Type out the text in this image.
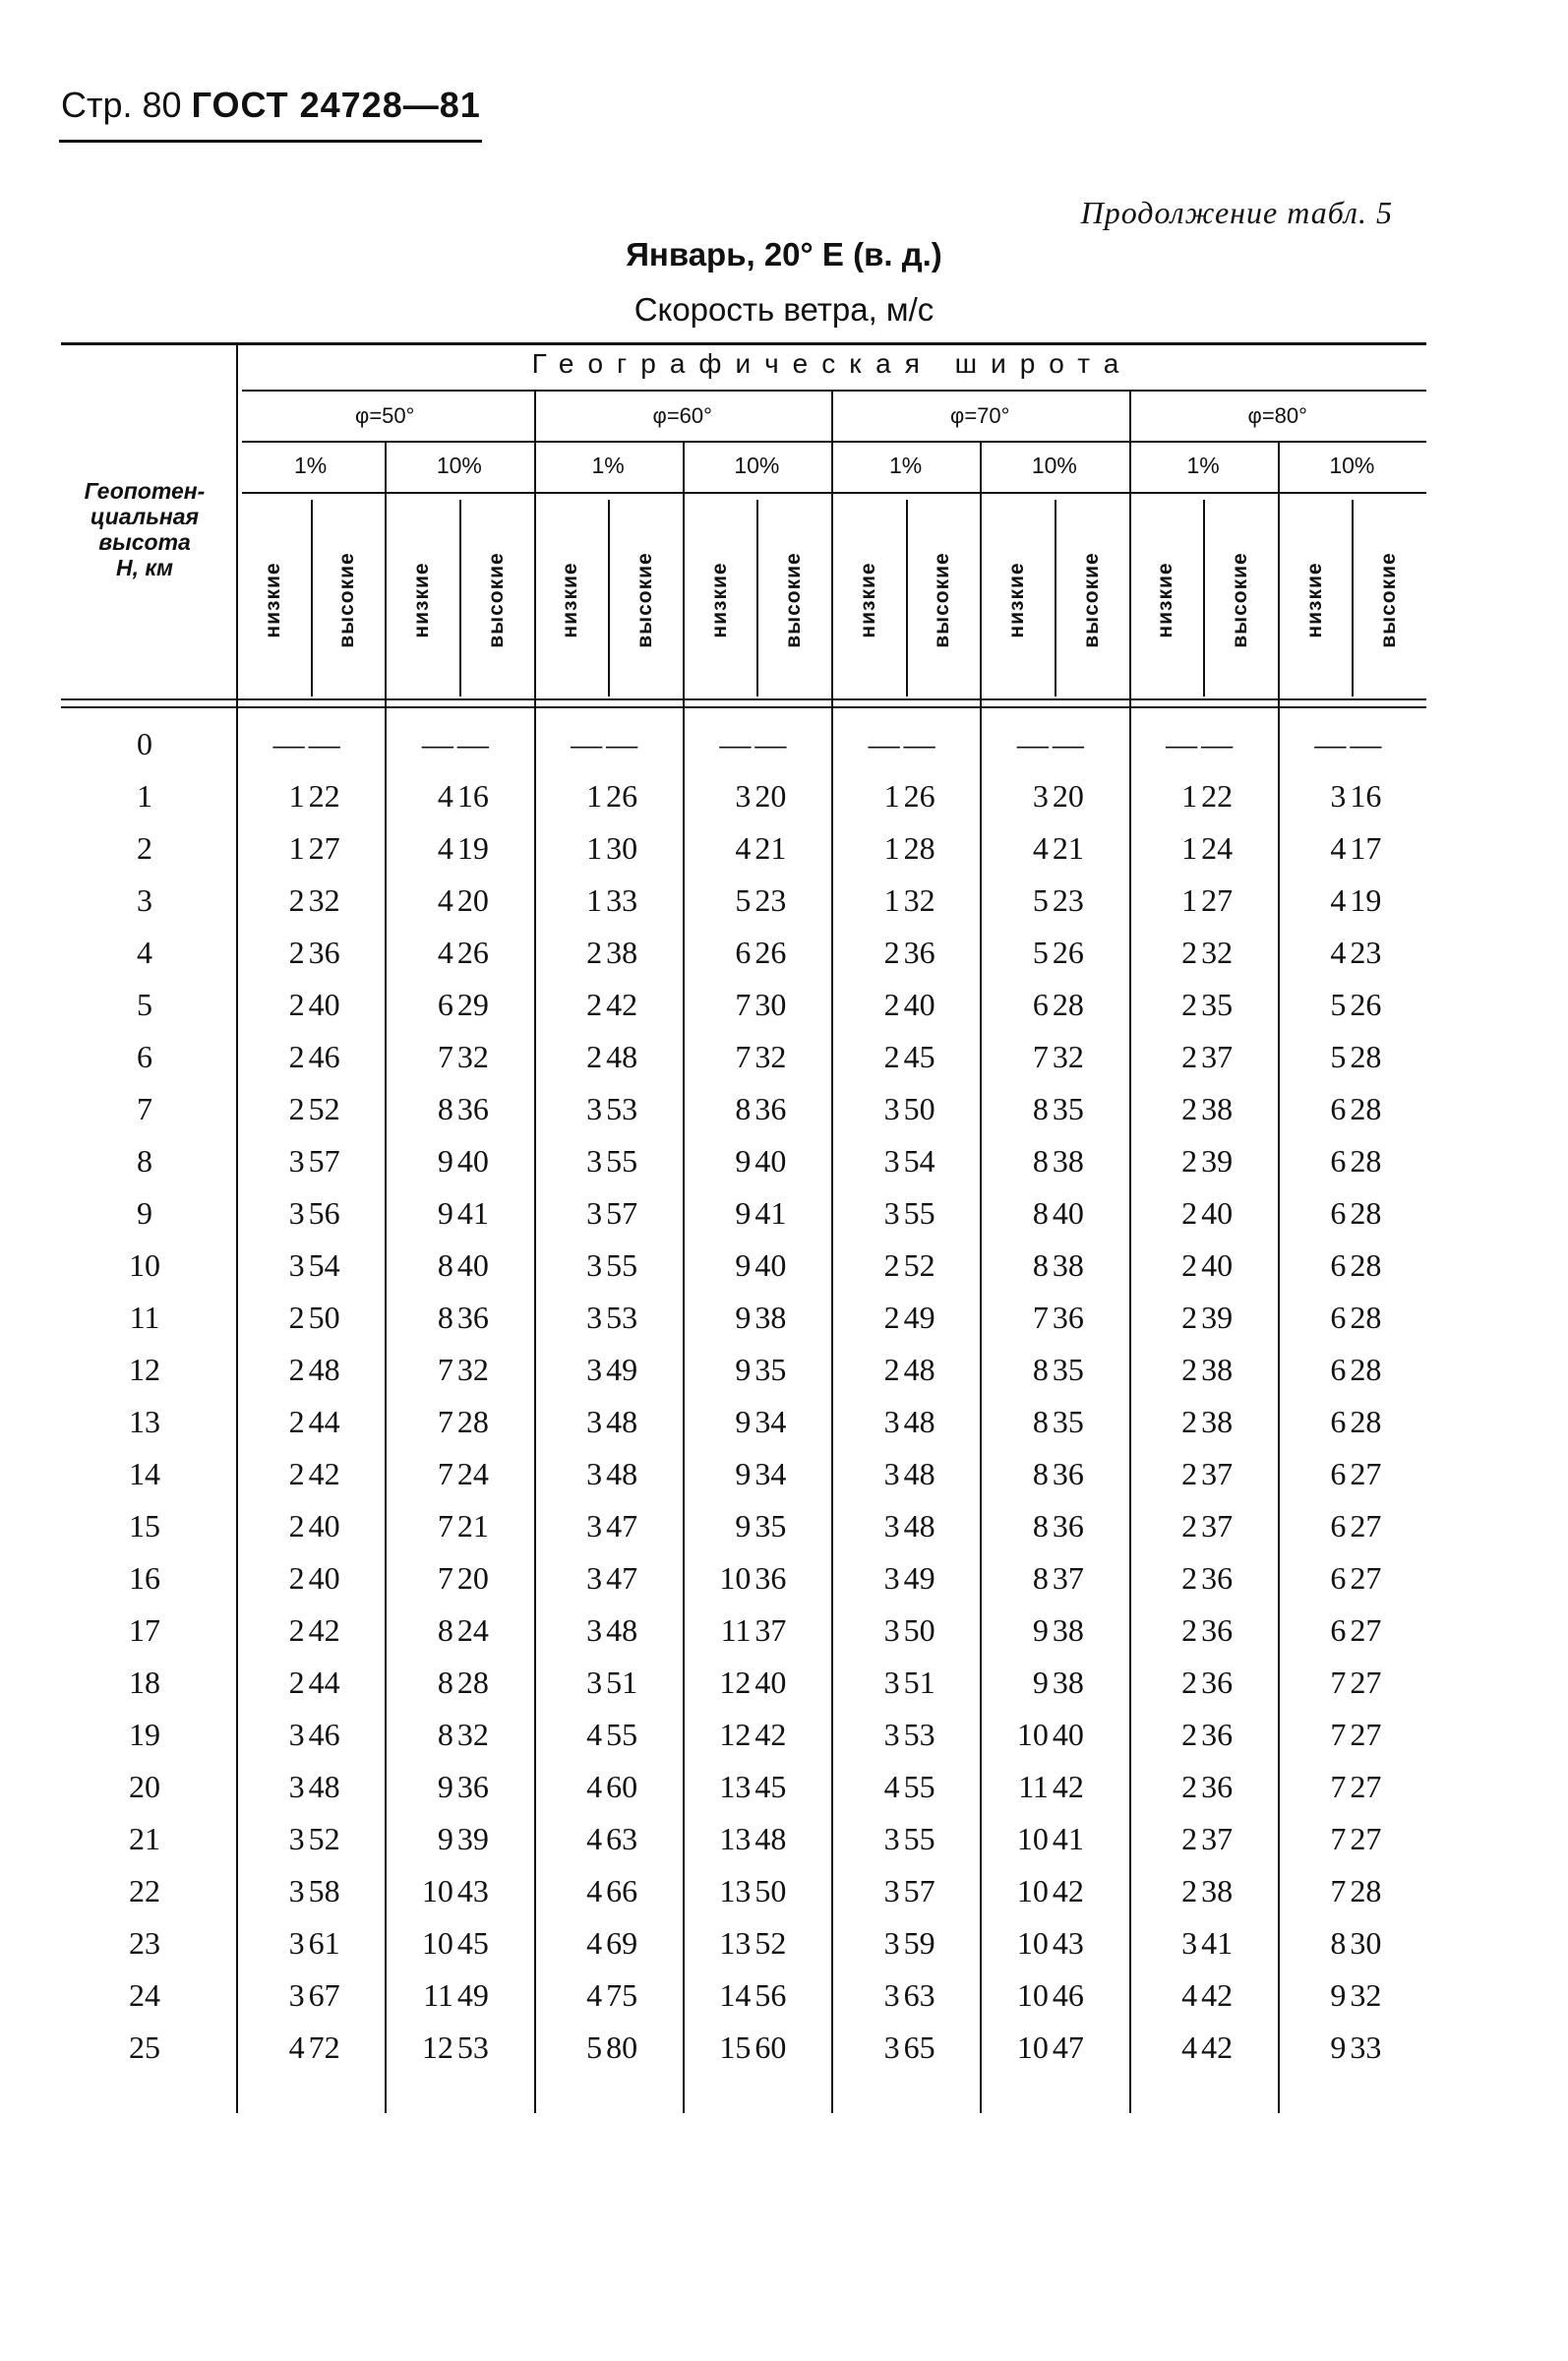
Стр. 80 ГОСТ 24728—81
Продолжение табл. 5
Январь, 20° E (в. д.)
Скорость ветра, м/с
Геопотен-
циальная
высота
H, км
Географическая широта
φ=50°
1%
низкие	высокие
10%
низкие	высокие
φ=60°
1%
низкие	высокие
10%
низкие	высокие
φ=70°
1%
низкие	высокие
10%
низкие	высокие
φ=80°
1%
низкие	высокие
10%
низкие	высокие
0	— —	— —	— —	— —	— —	— —	— —	— —
1	1 22	4 16	1 26	3 20	1 26	3 20	1 22	3 16
2	1 27	4 19	1 30	4 21	1 28	4 21	1 24	4 17
3	2 32	4 20	1 33	5 23	1 32	5 23	1 27	4 19
4	2 36	4 26	2 38	6 26	2 36	5 26	2 32	4 23
5	2 40	6 29	2 42	7 30	2 40	6 28	2 35	5 26
6	2 46	7 32	2 48	7 32	2 45	7 32	2 37	5 28
7	2 52	8 36	3 53	8 36	3 50	8 35	2 38	6 28
8	3 57	9 40	3 55	9 40	3 54	8 38	2 39	6 28
9	3 56	9 41	3 57	9 41	3 55	8 40	2 40	6 28
10	3 54	8 40	3 55	9 40	2 52	8 38	2 40	6 28
11	2 50	8 36	3 53	9 38	2 49	7 36	2 39	6 28
12	2 48	7 32	3 49	9 35	2 48	8 35	2 38	6 28
13	2 44	7 28	3 48	9 34	3 48	8 35	2 38	6 28
14	2 42	7 24	3 48	9 34	3 48	8 36	2 37	6 27
15	2 40	7 21	3 47	9 35	3 48	8 36	2 37	6 27
16	2 40	7 20	3 47	10 36	3 49	8 37	2 36	6 27
17	2 42	8 24	3 48	11 37	3 50	9 38	2 36	6 27
18	2 44	8 28	3 51	12 40	3 51	9 38	2 36	7 27
19	3 46	8 32	4 55	12 42	3 53	10 40	2 36	7 27
20	3 48	9 36	4 60	13 45	4 55	11 42	2 36	7 27
21	3 52	9 39	4 63	13 48	3 55	10 41	2 37	7 27
22	3 58	10 43	4 66	13 50	3 57	10 42	2 38	7 28
23	3 61	10 45	4 69	13 52	3 59	10 43	3 41	8 30
24	3 67	11 49	4 75	14 56	3 63	10 46	4 42	9 32
25	4 72	12 53	5 80	15 60	3 65	10 47	4 42	9 33
